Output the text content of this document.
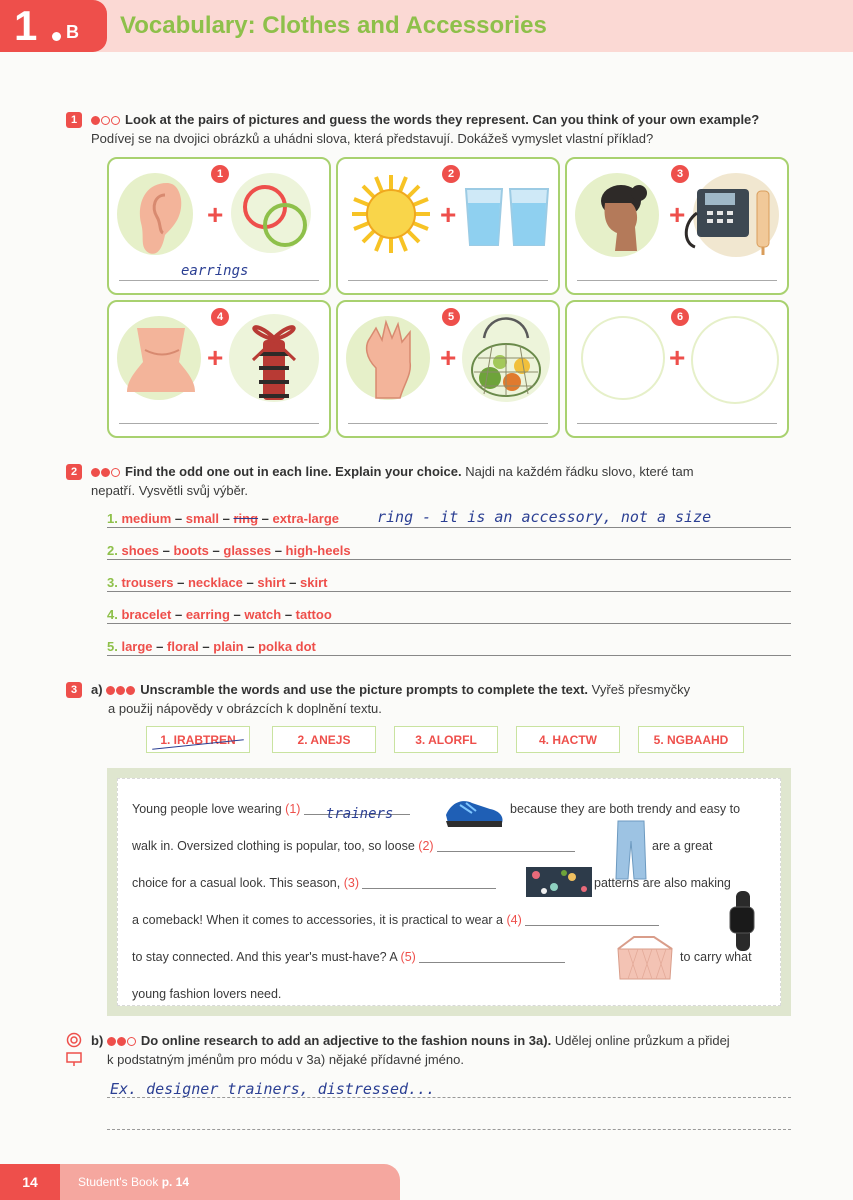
1 B Vocabulary: Clothes and Accessories
1	Look at the pairs of pictures and guess the words they represent. Can you think of your own example? Podívej se na dvojici obrázků a uhádni slova, která představují. Dokážeš vymyslet vlastní příklad?
1
+
earrings
2
+
3
+
4
+
5
+
6
+
2	Find the odd one out in each line. Explain your choice. Najdi na každém řádku slovo, které tam
nepatří. Vysvětli svůj výběr.
1. medium – small – ring – extra-large	ring - it is an accessory, not a size
2. shoes – boots – glasses – high-heels
3. trousers – necklace – shirt – skirt
4. bracelet – earring – watch – tattoo
5. large – floral – plain – polka dot
3	a)	Unscramble the words and use the picture prompts to complete the text. Vyřeš přesmyčky
a použij nápovědy v obrázcích k doplnění textu.
1. IRABTREN	2. ANEJS	3. ALORFL	4. HACTW	5. NGBAAHD
Young people love wearing (1) trainers	because they are both trendy and easy to
walk in. Oversized clothing is popular, too, so loose (2)	are a great
choice for a casual look. This season, (3)	patterns are also making
a comeback! When it comes to accessories, it is practical to wear a (4)
to stay connected. And this year's must-have? A (5)	to carry what
young fashion lovers need.
b)	Do online research to add an adjective to the fashion nouns in 3a). Udělej online průzkum a přidej
k podstatným jménům pro módu v 3a) nějaké přídavné jméno.
Ex. designer trainers, distressed...
14	Student's Book p. 14
